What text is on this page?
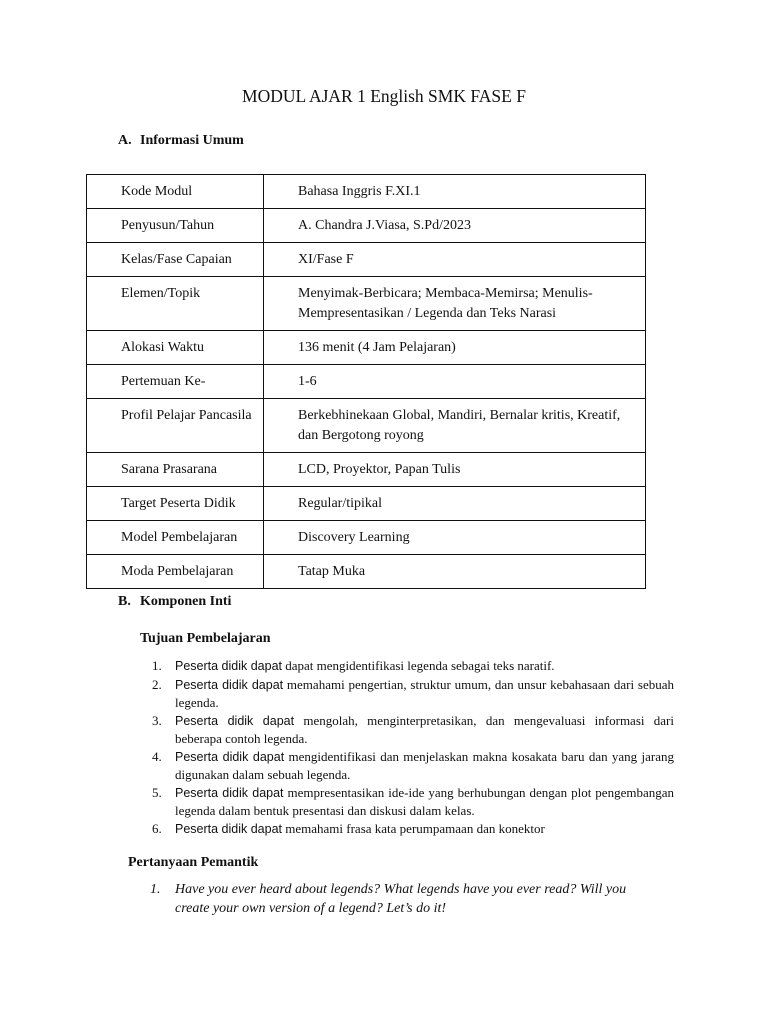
MODUL AJAR 1 English SMK FASE F
A. Informasi Umum
Kode Modul	Bahasa Inggris F.XI.1
Penyusun/Tahun	A. Chandra J.Viasa, S.Pd/2023
Kelas/Fase Capaian	XI/Fase F
Elemen/Topik	Menyimak-Berbicara; Membaca-Memirsa; Menulis-Mempresentasikan / Legenda dan Teks Narasi
Alokasi Waktu	136 menit (4 Jam Pelajaran)
Pertemuan Ke-	1-6
Profil Pelajar Pancasila	Berkebhinekaan Global, Mandiri, Bernalar kritis, Kreatif, dan Bergotong royong
Sarana Prasarana	LCD, Proyektor, Papan Tulis
Target Peserta Didik	Regular/tipikal
Model Pembelajaran	Discovery Learning
Moda Pembelajaran	Tatap Muka
B. Komponen Inti
Tujuan Pembelajaran
1. Peserta didik dapat dapat mengidentifikasi legenda sebagai teks naratif.
2. Peserta didik dapat memahami pengertian, struktur umum, dan unsur kebahasaan dari sebuah legenda.
3. Peserta didik dapat mengolah, menginterpretasikan, dan mengevaluasi informasi dari beberapa contoh legenda.
4. Peserta didik dapat mengidentifikasi dan menjelaskan makna kosakata baru dan yang jarang digunakan dalam sebuah legenda.
5. Peserta didik dapat mempresentasikan ide-ide yang berhubungan dengan plot pengembangan legenda dalam bentuk presentasi dan diskusi dalam kelas.
6. Peserta didik dapat memahami frasa kata perumpamaan dan konektor
Pertanyaan Pemantik
1. Have you ever heard about legends? What legends have you ever read? Will you create your own version of a legend? Let’s do it!
